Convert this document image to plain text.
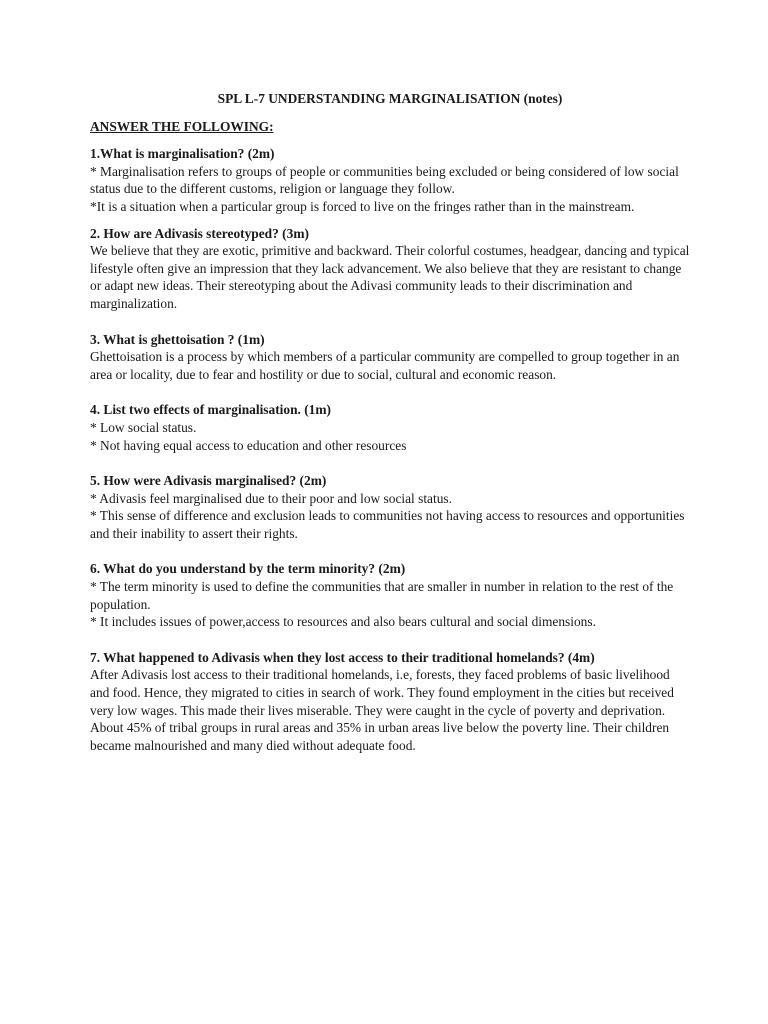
SPL L-7 UNDERSTANDING MARGINALISATION (notes)

ANSWER THE FOLLOWING:

1.What is marginalisation? (2m)

* Marginalisation refers to groups of people or communities being excluded or being considered of low social status due to the different customs, religion or language they follow.

*It is a situation when a particular group is forced to live on the fringes rather than in the mainstream.

2. How are Adivasis stereotyped? (3m)

We believe that they are exotic, primitive and backward. Their colorful costumes, headgear, dancing and typical lifestyle often give an impression that they lack advancement. We also believe that they are resistant to change or adapt new ideas. Their stereotyping about the Adivasi community leads to their discrimination and marginalization.

3. What is ghettoisation ? (1m)

Ghettoisation is a process by which members of a particular community are compelled to group together in an area or locality, due to fear and hostility or due to social, cultural and economic reason.

4. List two effects of marginalisation. (1m)

* Low social status.

* Not having equal access to education and other resources

5. How were Adivasis marginalised? (2m)

* Adivasis feel marginalised due to their poor and low social status.

* This sense of difference and exclusion leads to communities not having access to resources and opportunities and their inability to assert their rights.

6. What do you understand by the term minority? (2m)

* The term minority is used to define the communities that are smaller in number in relation to the rest of the population.

* It includes issues of power,access to resources and also bears cultural and social dimensions.

7. What happened to Adivasis when they lost access to their traditional homelands? (4m)

After Adivasis lost access to their traditional homelands, i.e, forests, they faced problems of basic livelihood and food. Hence, they migrated to cities in search of work. They found employment in the cities but received very low wages. This made their lives miserable. They were caught in the cycle of poverty and deprivation. About 45% of tribal groups in rural areas and 35% in urban areas live below the poverty line. Their children became malnourished and many died without adequate food.
